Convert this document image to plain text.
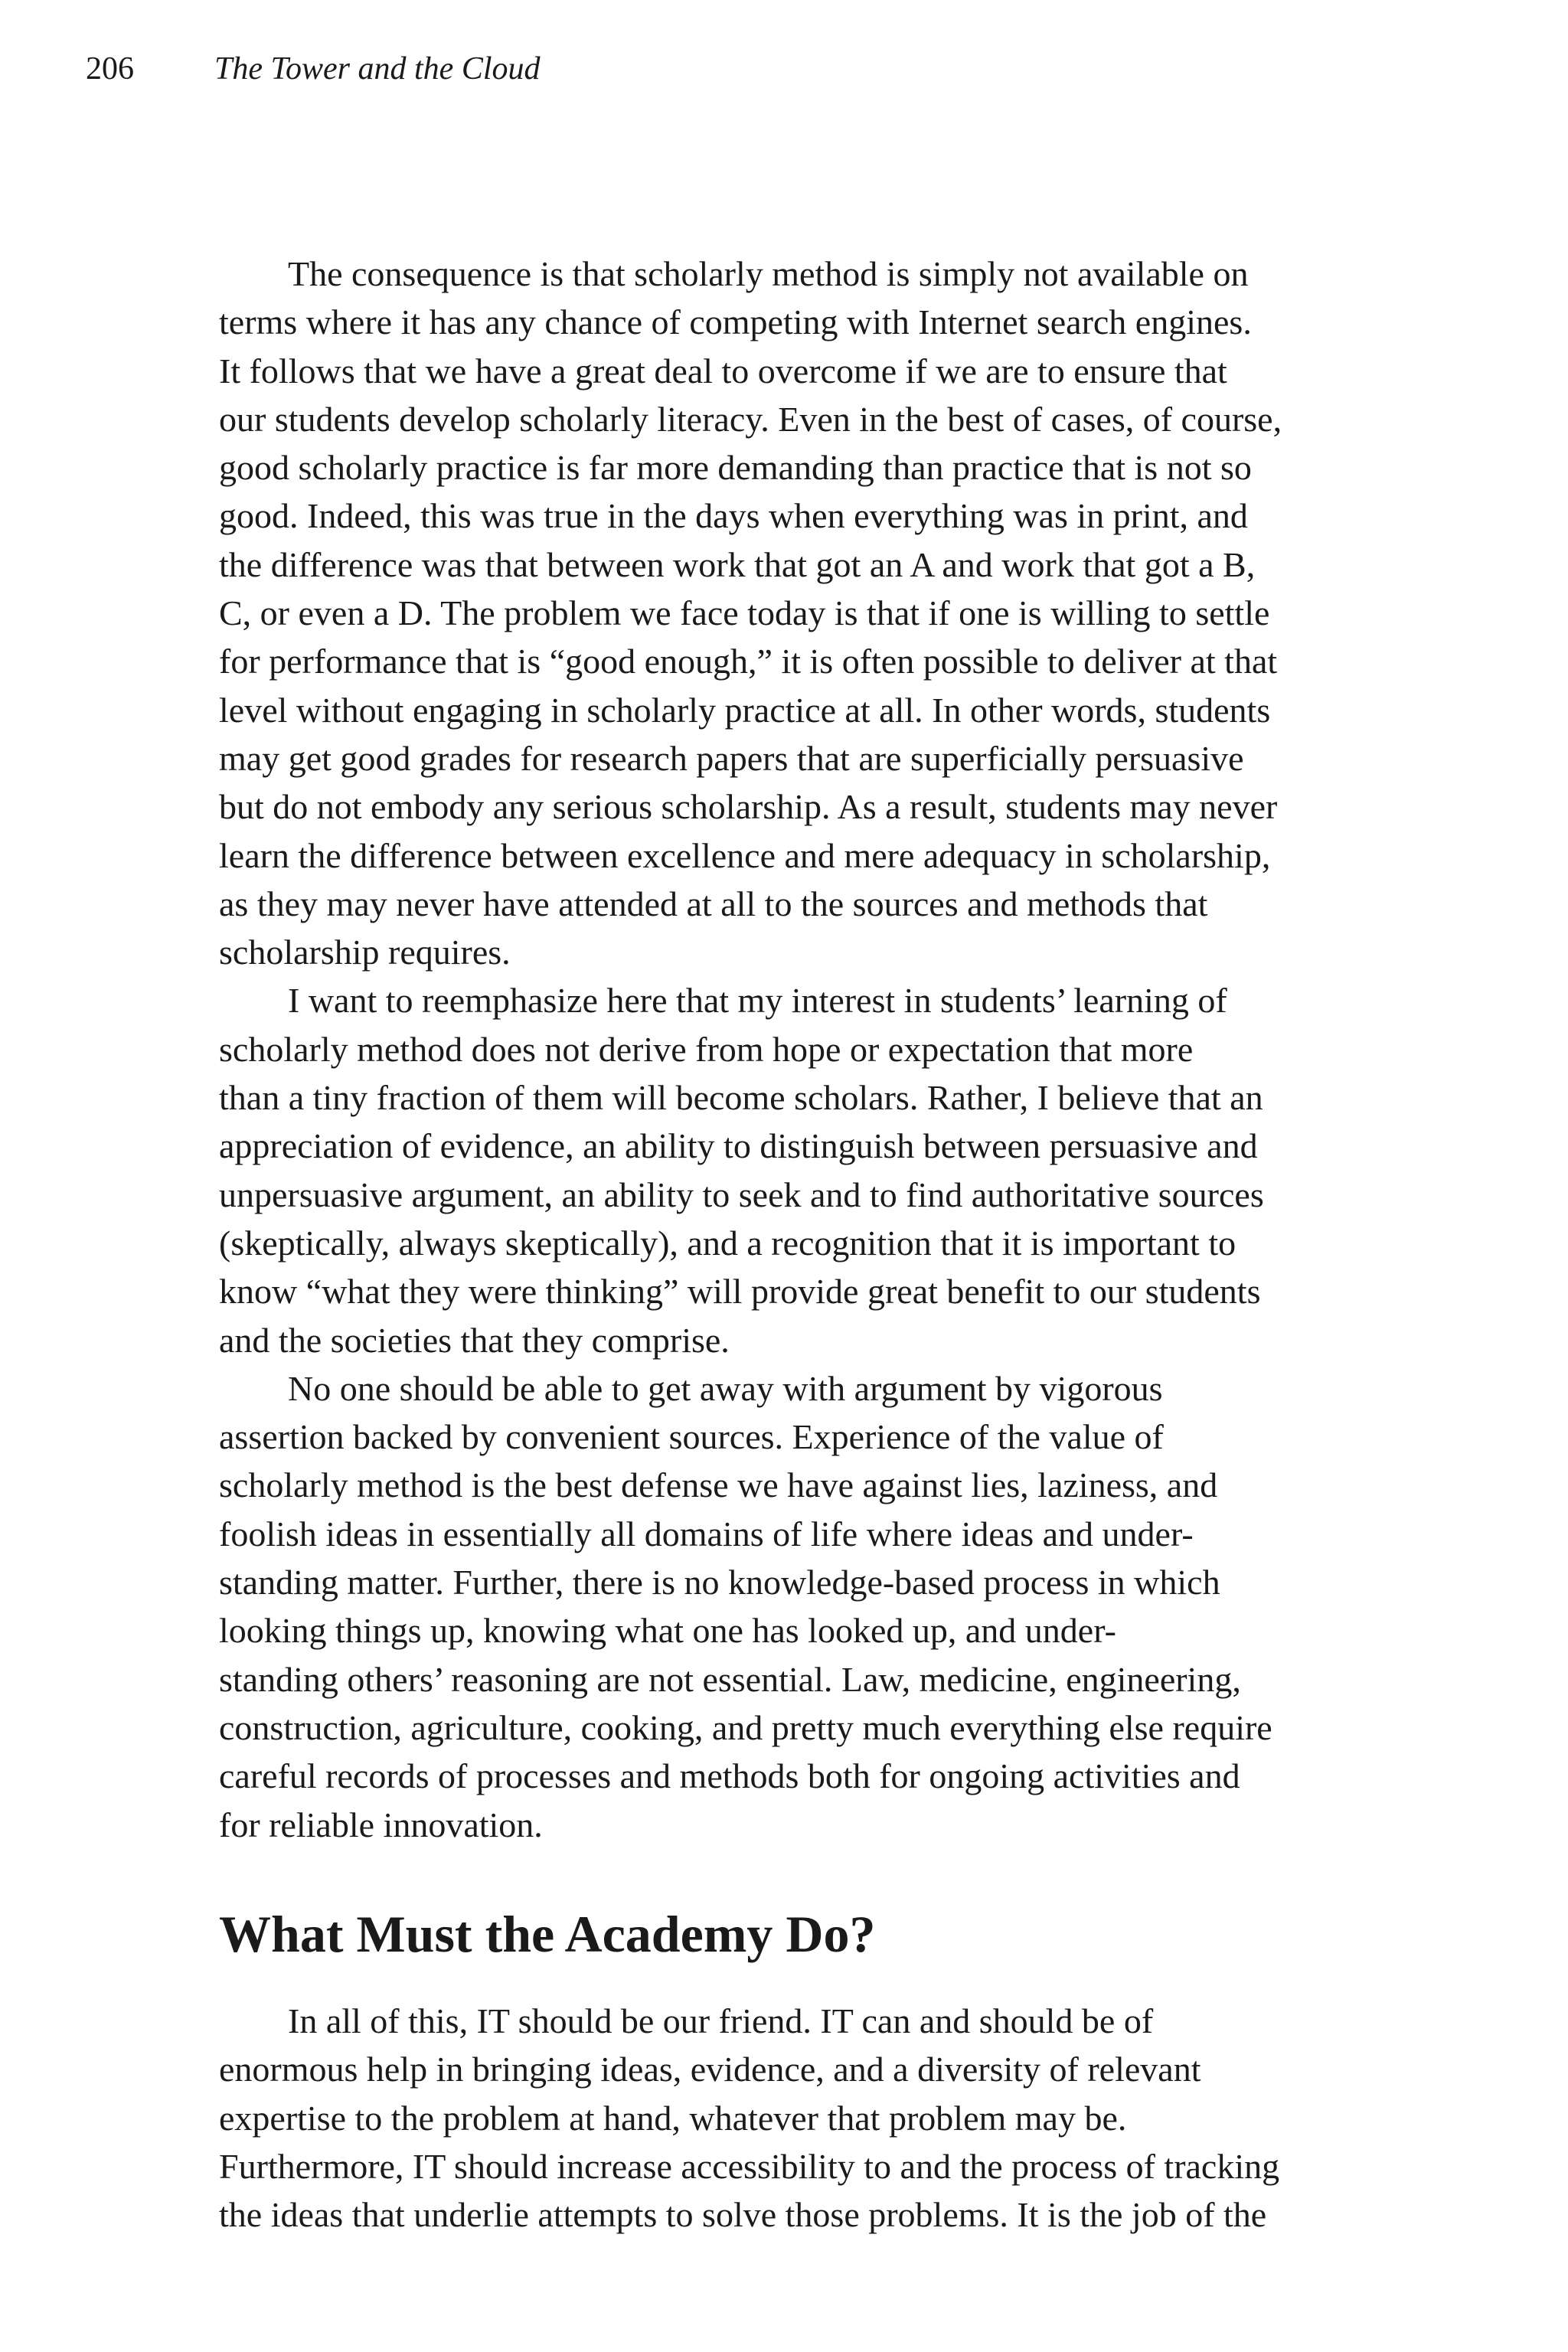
206	The Tower and the Cloud
The consequence is that scholarly method is simply not available on
terms where it has any chance of competing with Internet search engines.
It follows that we have a great deal to overcome if we are to ensure that
our students develop scholarly literacy. Even in the best of cases, of course,
good scholarly practice is far more demanding than practice that is not so
good. Indeed, this was true in the days when everything was in print, and
the difference was that between work that got an A and work that got a B,
C, or even a D. The problem we face today is that if one is willing to settle
for performance that is “good enough,” it is often possible to deliver at that
level without engaging in scholarly practice at all. In other words, students
may get good grades for research papers that are superficially persuasive
but do not embody any serious scholarship. As a result, students may never
learn the difference between excellence and mere adequacy in scholarship,
as they may never have attended at all to the sources and methods that
scholarship requires.
I want to reemphasize here that my interest in students’ learning of
scholarly method does not derive from hope or expectation that more
than a tiny fraction of them will become scholars. Rather, I believe that an
appreciation of evidence, an ability to distinguish between persuasive and
unpersuasive argument, an ability to seek and to find authoritative sources
(skeptically, always skeptically), and a recognition that it is important to
know “what they were thinking” will provide great benefit to our students
and the societies that they comprise.
No one should be able to get away with argument by vigorous
assertion backed by convenient sources. Experience of the value of
scholarly method is the best defense we have against lies, laziness, and
foolish ideas in essentially all domains of life where ideas and under-
standing matter. Further, there is no knowledge-based process in which
looking things up, knowing what one has looked up, and under-
standing others’ reasoning are not essential. Law, medicine, engineering,
construction, agriculture, cooking, and pretty much everything else require
careful records of processes and methods both for ongoing activities and
for reliable innovation.
What Must the Academy Do?
In all of this, IT should be our friend. IT can and should be of
enormous help in bringing ideas, evidence, and a diversity of relevant
expertise to the problem at hand, whatever that problem may be.
Furthermore, IT should increase accessibility to and the process of tracking
the ideas that underlie attempts to solve those problems. It is the job of the
